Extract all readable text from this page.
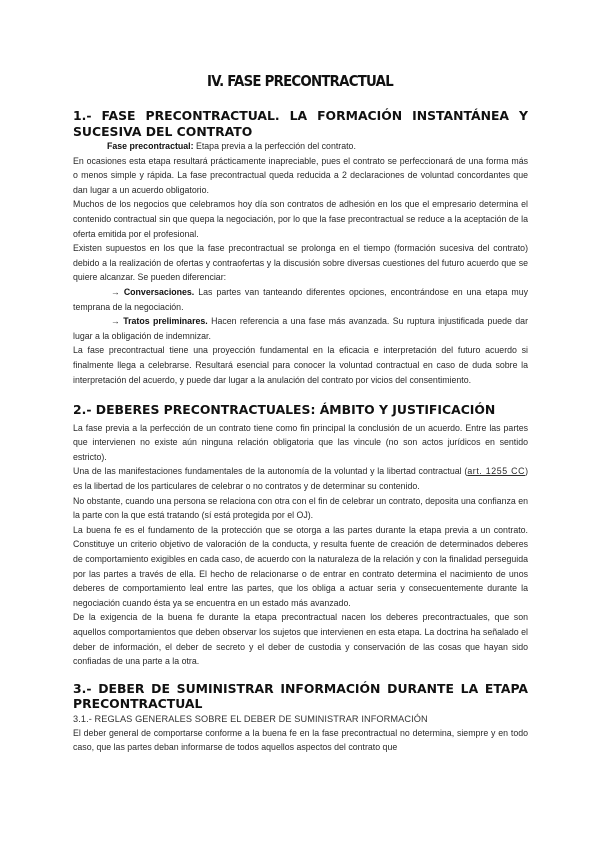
IV. FASE PRECONTRACTUAL
1.- FASE PRECONTRACTUAL. LA FORMACIÓN INSTANTÁNEA Y SUCESIVA DEL CONTRATO

Fase precontractual: Etapa previa a la perfección del contrato.

En ocasiones esta etapa resultará prácticamente inapreciable, pues el contrato se perfeccionará de una forma más o menos simple y rápida. La fase precontractual queda reducida a 2 declaraciones de voluntad concordantes que dan lugar a un acuerdo obligatorio.

Muchos de los negocios que celebramos hoy día son contratos de adhesión en los que el empresario determina el contenido contractual sin que quepa la negociación, por lo que la fase precontractual se reduce a la aceptación de la oferta emitida por el profesional.

Existen supuestos en los que la fase precontractual se prolonga en el tiempo (formación sucesiva del contrato) debido a la realización de ofertas y contraofertas y la discusión sobre diversas cuestiones del futuro acuerdo que se quiere alcanzar. Se pueden diferenciar:

→ Conversaciones. Las partes van tanteando diferentes opciones, encontrándose en una etapa muy temprana de la negociación.

→ Tratos preliminares. Hacen referencia a una fase más avanzada. Su ruptura injustificada puede dar lugar a la obligación de indemnizar.

La fase precontractual tiene una proyección fundamental en la eficacia e interpretación del futuro acuerdo si finalmente llega a celebrarse. Resultará esencial para conocer la voluntad contractual en caso de duda sobre la interpretación del acuerdo, y puede dar lugar a la anulación del contrato por vicios del consentimiento.

2.- DEBERES PRECONTRACTUALES: ÁMBITO Y JUSTIFICACIÓN

La fase previa a la perfección de un contrato tiene como fin principal la conclusión de un acuerdo. Entre las partes que intervienen no existe aún ninguna relación obligatoria que las vincule (no son actos jurídicos en sentido estricto).

Una de las manifestaciones fundamentales de la autonomía de la voluntad y la libertad contractual (art. 1255 CC) es la libertad de los particulares de celebrar o no contratos y de determinar su contenido.

No obstante, cuando una persona se relaciona con otra con el fin de celebrar un contrato, deposita una confianza en la parte con la que está tratando (sí está protegida por el OJ).

La buena fe es el fundamento de la protección que se otorga a las partes durante la etapa previa a un contrato. Constituye un criterio objetivo de valoración de la conducta, y resulta fuente de creación de determinados deberes de comportamiento exigibles en cada caso, de acuerdo con la naturaleza de la relación y con la finalidad perseguida por las partes a través de ella. El hecho de relacionarse o de entrar en contrato determina el nacimiento de unos deberes de comportamiento leal entre las partes, que los obliga a actuar seria y consecuentemente durante la negociación cuando ésta ya se encuentra en un estado más avanzado.

De la exigencia de la buena fe durante la etapa precontractual nacen los deberes precontractuales, que son aquellos comportamientos que deben observar los sujetos que intervienen en esta etapa. La doctrina ha señalado el deber de información, el deber de secreto y el deber de custodia y conservación de las cosas que hayan sido confiadas de una parte a la otra.

3.- DEBER DE SUMINISTRAR INFORMACIÓN DURANTE LA ETAPA PRECONTRACTUAL
3.1.- REGLAS GENERALES SOBRE EL DEBER DE SUMINISTRAR INFORMACIÓN

El deber general de comportarse conforme a la buena fe en la fase precontractual no determina, siempre y en todo caso, que las partes deban informarse de todos aquellos aspectos del contrato que
